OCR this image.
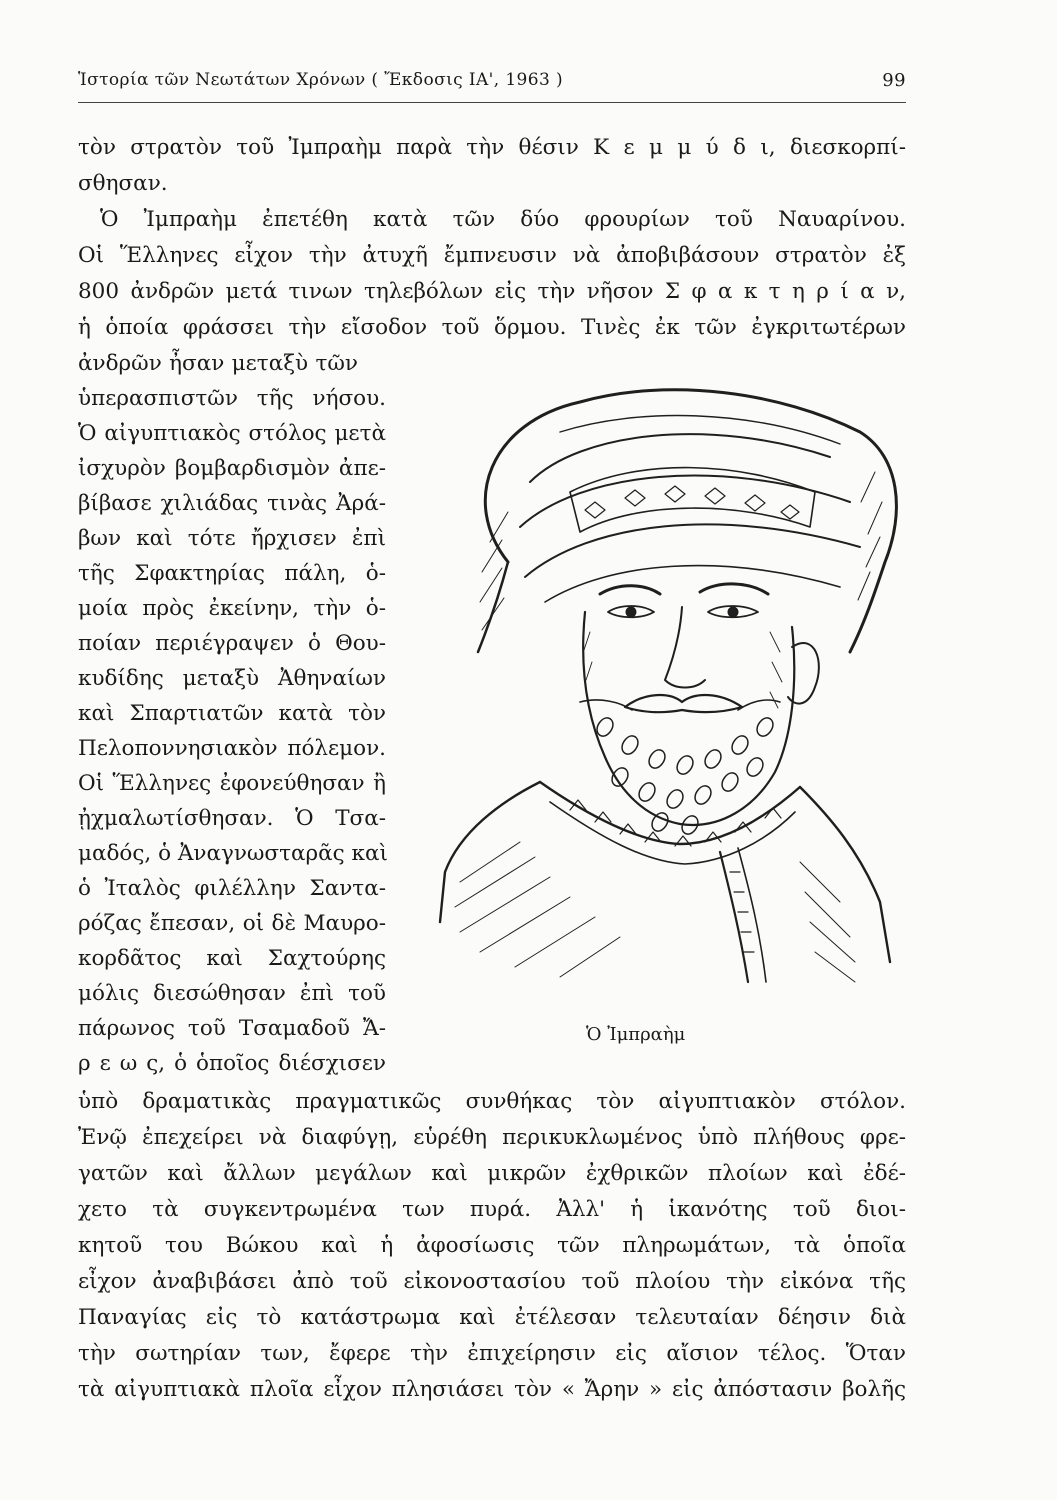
Ἱστορία τῶν Νεωτάτων Χρόνων ( Ἔκδοσις ΙΑ', 1963 )	99
τὸν στρατὸν τοῦ Ἰμπραὴμ παρὰ τὴν θέσιν Κ ε μ μ ύ δ ι, διεσκορπί-
σθησαν.
Ὁ Ἰμπραὴμ ἐπετέθη κατὰ τῶν δύο φρουρίων τοῦ Ναυαρίνου.
Οἱ Ἕλληνες εἶχον τὴν ἀτυχῆ ἔμπνευσιν νὰ ἀποβιβάσουν στρατὸν ἐξ
800 ἀνδρῶν μετά τινων τηλεβόλων εἰς τὴν νῆσον Σ φ α κ τ η ρ ί α ν,
ἡ ὁποία φράσσει τὴν εἴσοδον τοῦ ὅρμου. Τινὲς ἐκ τῶν ἐγκριτωτέρων
ἀνδρῶν ἦσαν μεταξὺ τῶν
ὑπερασπιστῶν τῆς νήσου.
Ὁ αἰγυπτιακὸς στόλος μετὰ
ἰσχυρὸν βομβαρδισμὸν ἀπε-
βίβασε χιλιάδας τινὰς Ἀρά-
βων καὶ τότε ἤρχισεν ἐπὶ
τῆς Σφακτηρίας πάλη, ὁ-
μοία πρὸς ἐκείνην, τὴν ὁ-
ποίαν περιέγραψεν ὁ Θου-
κυδίδης μεταξὺ Ἀθηναίων
καὶ Σπαρτιατῶν κατὰ τὸν
Πελοποννησιακὸν πόλεμον.
Οἱ Ἕλληνες ἐφονεύθησαν ἢ
ᾐχμαλωτίσθησαν. Ὁ Τσα-
μαδός, ὁ Ἀναγνωσταρᾶς καὶ
ὁ Ἰταλὸς φιλέλλην Σαντα-
ρόζας ἔπεσαν, οἱ δὲ Μαυρο-
κορδᾶτος καὶ Σαχτούρης
μόλις διεσώθησαν ἐπὶ τοῦ
πάρωνος τοῦ Τσαμαδοῦ Ἄ-
ρ ε ω ς, ὁ ὁποῖος διέσχισεν
ὑπὸ δραματικὰς πραγματικῶς συνθήκας τὸν αἰγυπτιακὸν στόλον.
Ἐνῷ ἐπεχείρει νὰ διαφύγῃ, εὑρέθη περικυκλωμένος ὑπὸ πλήθους φρε-
γατῶν καὶ ἄλλων μεγάλων καὶ μικρῶν ἐχθρικῶν πλοίων καὶ ἐδέ-
χετο τὰ συγκεντρωμένα των πυρά. Ἀλλ' ἡ ἱκανότης τοῦ διοι-
κητοῦ του Βώκου καὶ ἡ ἀφοσίωσις τῶν πληρωμάτων, τὰ ὁποῖα
εἶχον ἀναβιβάσει ἀπὸ τοῦ εἰκονοστασίου τοῦ πλοίου τὴν εἰκόνα τῆς
Παναγίας εἰς τὸ κατάστρωμα καὶ ἐτέλεσαν τελευταίαν δέησιν διὰ
τὴν σωτηρίαν των, ἔφερε τὴν ἐπιχείρησιν εἰς αἴσιον τέλος. Ὅταν
τὰ αἰγυπτιακὰ πλοῖα εἶχον πλησιάσει τὸν « Ἄρην » εἰς ἀπόστασιν βολῆς
Ὁ Ἰμπραὴμ
